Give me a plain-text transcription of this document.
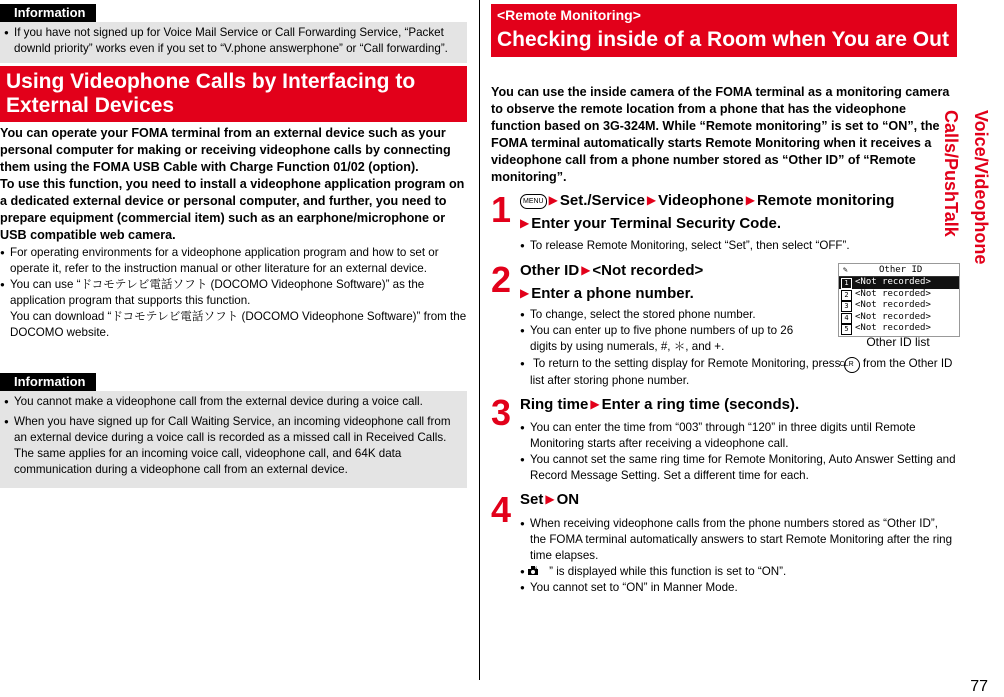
Information

● If you have not signed up for Voice Mail Service or Call Forwarding Service, “Packet downld priority” works even if you set to “V.phone answerphone” or “Call forwarding”.

Using Videophone Calls by Interfacing to External Devices

You can operate your FOMA terminal from an external device such as your personal computer for making or receiving videophone calls by connecting them using the FOMA USB Cable with Charge Function 01/02 (option).

To use this function, you need to install a videophone application program on a dedicated external device or personal computer, and further, you need to prepare equipment (commercial item) such as an earphone/microphone or USB compatible web camera.

● For operating environments for a videophone application program and how to set or operate it, refer to the instruction manual or other literature for an external device.

● You can use “ドコモテレビ電話ソフト (DOCOMO Videophone Software)” as the application program that supports this function.

You can download “ドコモテレビ電話ソフト (DOCOMO Videophone Software)” from the DOCOMO website.

Information

● You cannot make a videophone call from the external device during a voice call.

● When you have signed up for Call Waiting Service, an incoming videophone call from an external device during a voice call is recorded as a missed call in Received Calls.

The same applies for an incoming voice call, videophone call, and 64K data communication during a videophone call from an external device.

<Remote Monitoring>
Checking inside of a Room when You are Out

You can use the inside camera of the FOMA terminal as a monitoring camera to observe the remote location from a phone that has the videophone function based on 3G-324M. While “Remote monitoring” is set to “ON”, the FOMA terminal automatically starts Remote Monitoring when it receives a videophone call from a phone number stored as “Other ID” of “Remote monitoring”.

1	MENU ▶ Set./Service ▶ Videophone ▶ Remote monitoring
▶ Enter your Terminal Security Code.

● To release Remote Monitoring, select “Set”, then select “OFF”.

2 Other ID ▶ <Not recorded>
▶ Enter a phone number.

● To change, select the stored phone number.

● You can enter up to five phone numbers of up to 26 digits by using numerals, #, ＊, and +.

● To return to the setting display for Remote Monitoring, press CLR from the Other ID list after storing phone number.

✎	Other ID
1 <Not recorded>
2 <Not recorded>
3 <Not recorded>
4 <Not recorded>
5 <Not recorded>
Other ID list
3 Ring time ▶ Enter a ring time (seconds).

● You can enter the time from “003” through “120” in three digits until Remote Monitoring starts after receiving a videophone call.

● You cannot set the same ring time for Remote Monitoring, Auto Answer Setting and Record Message Setting. Set a different time for each.

4 Set ▶ ON

● When receiving videophone calls from the phone numbers stored as “Other ID”, the FOMA terminal automatically answers to start Remote Monitoring after the ring time elapses.

● ” is displayed while this function is set to “ON”.

● You cannot set to “ON” in Manner Mode.

Voice/Videophone Calls/PushTalk
77
